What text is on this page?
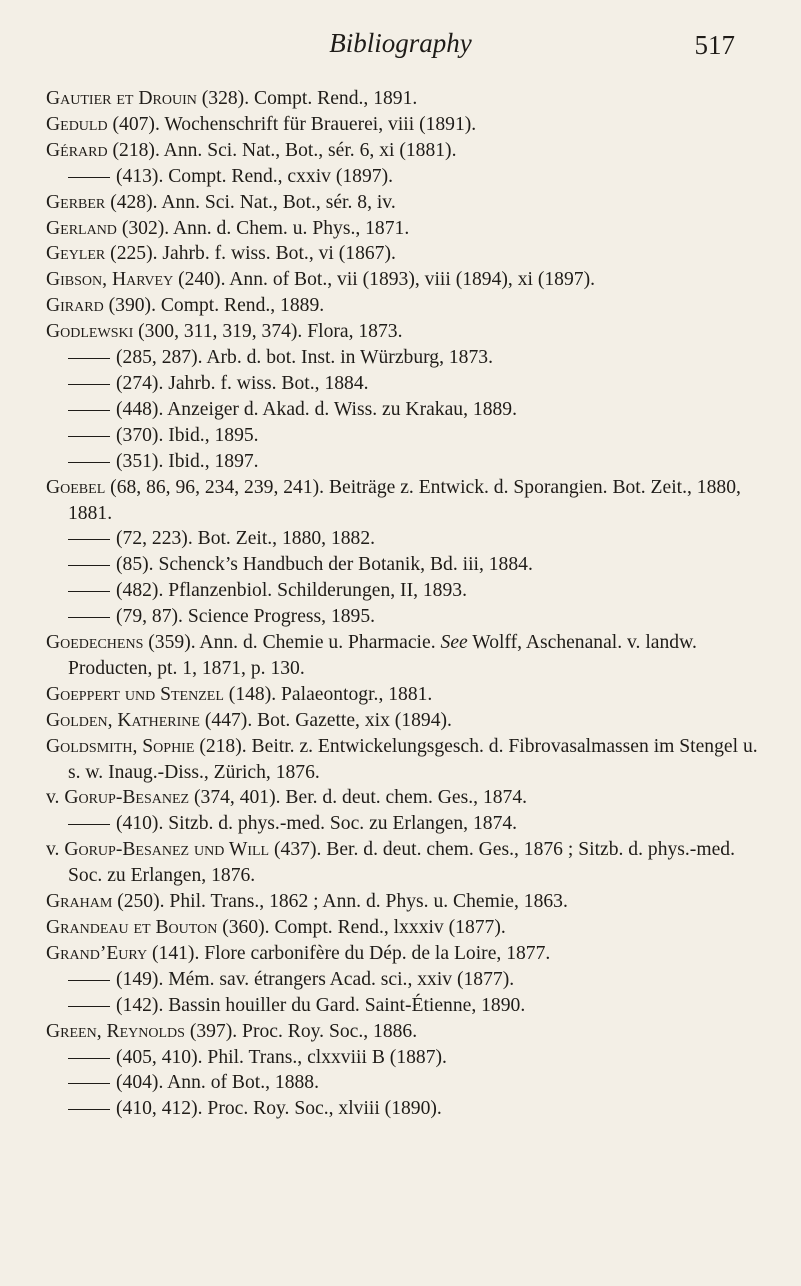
Bibliography	517
Gautier et Drouin (328). Compt. Rend., 1891.
Geduld (407). Wochenschrift für Brauerei, viii (1891).
Gérard (218). Ann. Sci. Nat., Bot., sér. 6, xi (1881).
(413). Compt. Rend., cxxiv (1897).
Gerber (428). Ann. Sci. Nat., Bot., sér. 8, iv.
Gerland (302). Ann. d. Chem. u. Phys., 1871.
Geyler (225). Jahrb. f. wiss. Bot., vi (1867).
Gibson, Harvey (240). Ann. of Bot., vii (1893), viii (1894), xi (1897).
Girard (390). Compt. Rend., 1889.
Godlewski (300, 311, 319, 374). Flora, 1873.
(285, 287). Arb. d. bot. Inst. in Würzburg, 1873.
(274). Jahrb. f. wiss. Bot., 1884.
(448). Anzeiger d. Akad. d. Wiss. zu Krakau, 1889.
(370). Ibid., 1895.
(351). Ibid., 1897.
Goebel (68, 86, 96, 234, 239, 241). Beiträge z. Entwick. d. Sporangien. Bot. Zeit., 1880, 1881.
(72, 223). Bot. Zeit., 1880, 1882.
(85). Schenck’s Handbuch der Botanik, Bd. iii, 1884.
(482). Pflanzenbiol. Schilderungen, II, 1893.
(79, 87). Science Progress, 1895.
Goedechens (359). Ann. d. Chemie u. Pharmacie. See Wolff, Aschenanal. v. landw. Producten, pt. 1, 1871, p. 130.
Goeppert und Stenzel (148). Palaeontogr., 1881.
Golden, Katherine (447). Bot. Gazette, xix (1894).
Goldsmith, Sophie (218). Beitr. z. Entwickelungsgesch. d. Fibrovasalmassen im Stengel u. s. w. Inaug.-Diss., Zürich, 1876.
v. Gorup-Besanez (374, 401). Ber. d. deut. chem. Ges., 1874.
(410). Sitzb. d. phys.-med. Soc. zu Erlangen, 1874.
v. Gorup-Besanez und Will (437). Ber. d. deut. chem. Ges., 1876 ; Sitzb. d. phys.-med. Soc. zu Erlangen, 1876.
Graham (250). Phil. Trans., 1862 ; Ann. d. Phys. u. Chemie, 1863.
Grandeau et Bouton (360). Compt. Rend., lxxxiv (1877).
Grand’Eury (141). Flore carbonifère du Dép. de la Loire, 1877.
(149). Mém. sav. étrangers Acad. sci., xxiv (1877).
(142). Bassin houiller du Gard. Saint-Étienne, 1890.
Green, Reynolds (397). Proc. Roy. Soc., 1886.
(405, 410). Phil. Trans., clxxviii B (1887).
(404). Ann. of Bot., 1888.
(410, 412). Proc. Roy. Soc., xlviii (1890).
